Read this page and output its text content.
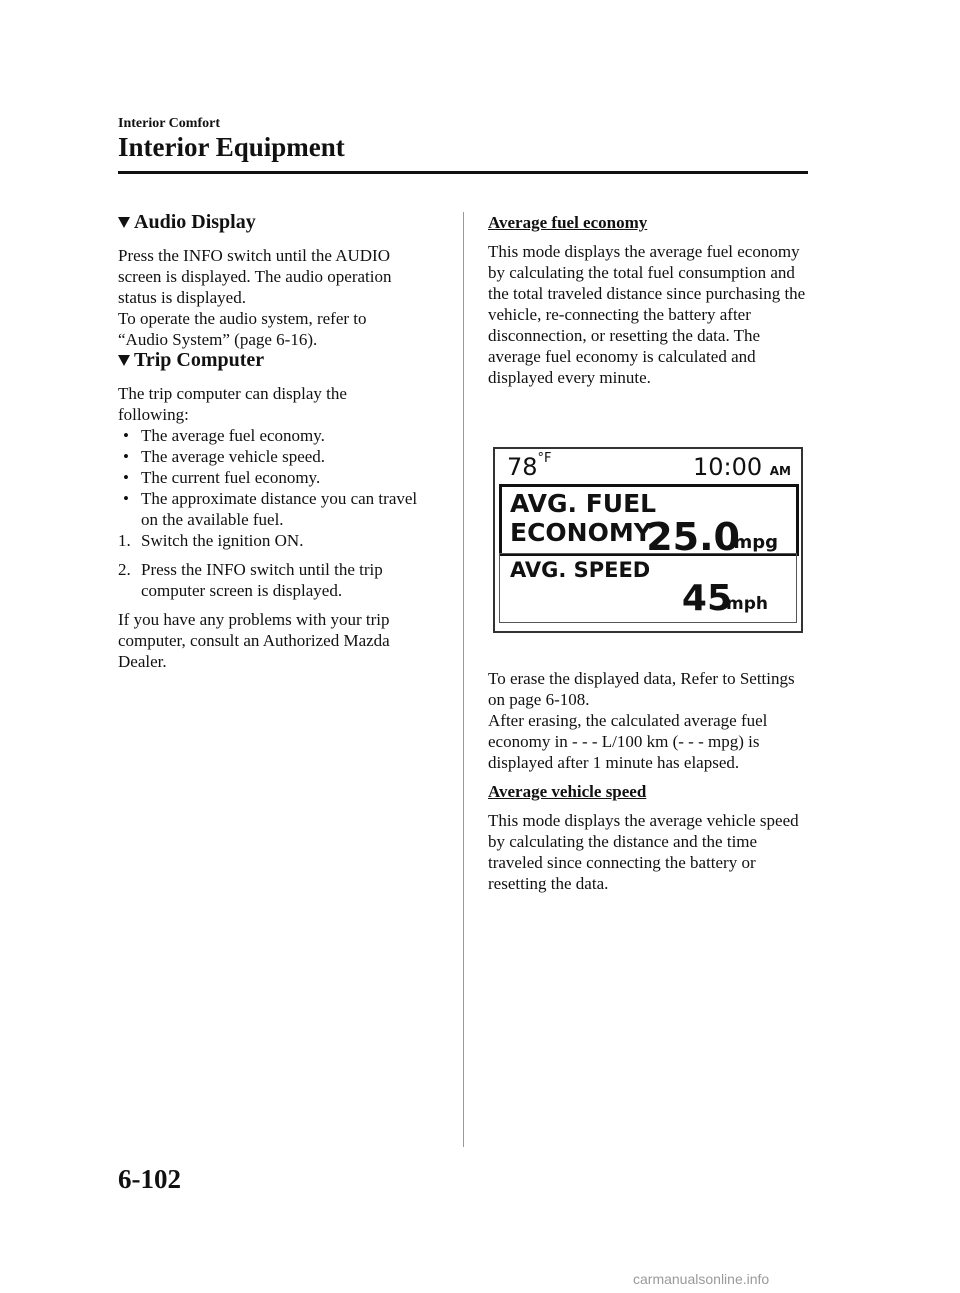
Interior Comfort
Interior Equipment
Audio Display

Press the INFO switch until the AUDIO screen is displayed. The audio operation status is displayed.

To operate the audio system, refer to “Audio System” (page 6-16).

Trip Computer

The trip computer can display the following:

• The average fuel economy.
• The average vehicle speed.
• The current fuel economy.
• The approximate distance you can travel on the available fuel.
1. Switch the ignition ON.
2. Press the INFO switch until the trip computer screen is displayed.

If you have any problems with your trip computer, consult an Authorized Mazda Dealer.

Average fuel economy

This mode displays the average fuel economy by calculating the total fuel consumption and the total traveled distance since purchasing the vehicle, re-connecting the battery after disconnection, or resetting the data. The average fuel economy is calculated and displayed every minute.

To erase the displayed data, Refer to Settings on page 6-108.

After erasing, the calculated average fuel economy in - - - L/100 km (- - - mpg) is displayed after 1 minute has elapsed.

Average vehicle speed

This mode displays the average vehicle speed by calculating the distance and the time traveled since connecting the battery or resetting the data.

$78^{^\circ F}$	10:00 AM
AVG. FUEL ECONOMY
25.0
mpg
AVG. SPEED
45
mph
6-102
carmanualsonline.info
